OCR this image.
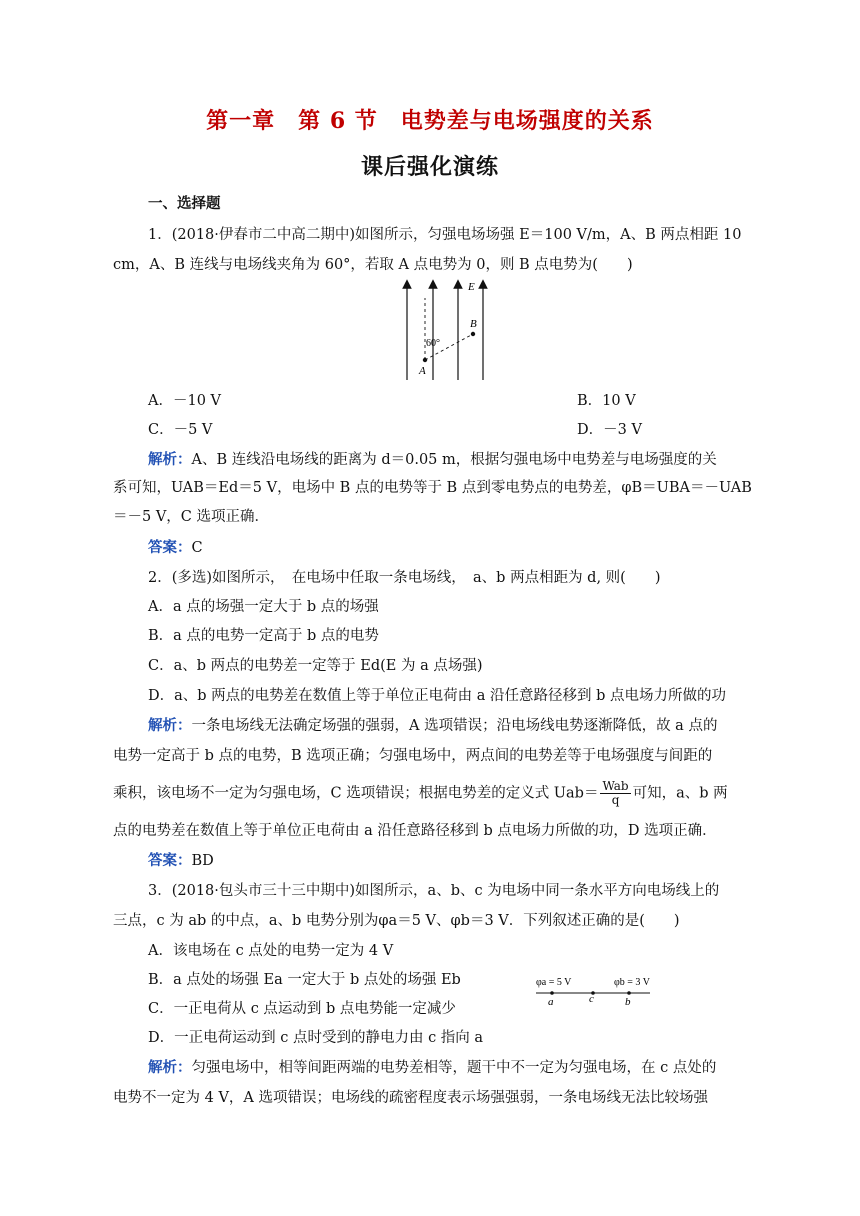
第一章　第 6 节　电势差与电场强度的关系
课后强化演练
一、选择题
1．(2018·伊春市二中高二期中)如图所示，匀强电场场强 E＝100 V/m，A、B 两点相距 10
cm，A、B 连线与电场线夹角为 60°，若取 A 点电势为 0，则 B 点电势为(　　)
E
B
A
60°
A．－10 V	B．10 V
C．－5 V	D．－3 V
解析：A、B 连线沿电场线的距离为 d＝0.05 m，根据匀强电场中电势差与电场强度的关
系可知，UAB＝Ed＝5 V，电场中 B 点的电势等于 B 点到零电势点的电势差，φB＝UBA＝－UAB
＝－5 V，C 选项正确．
答案：C
2．(多选)如图所示，　在电场中任取一条电场线，　a、b 两点相距为 d, 则(　　)
A．a 点的场强一定大于 b 点的场强
B．a 点的电势一定高于 b 点的电势
C．a、b 两点的电势差一定等于 Ed(E 为 a 点场强)
D．a、b 两点的电势差在数值上等于单位正电荷由 a 沿任意路径移到 b 点电场力所做的功
解析：一条电场线无法确定场强的强弱，A 选项错误；沿电场线电势逐渐降低，故 a 点的
电势一定高于 b 点的电势，B 选项正确；匀强电场中，两点间的电势差等于电场强度与间距的
乘积，该电场不一定为匀强电场，C 选项错误；根据电势差的定义式 $Uab= \frac{\text{Wab}}{q}$ 可知，a、b 两
点的电势差在数值上等于单位正电荷由 a 沿任意路径移到 b 点电场力所做的功，D 选项正确．
答案：BD
3．(2018·包头市三十三中期中)如图所示，a、b、c 为电场中同一条水平方向电场线上的
三点，c 为 ab 的中点，a、b 电势分别为φa＝5 V、φb＝3 V．下列叙述正确的是(　　)
A．该电场在 c 点处的电势一定为 4 V
B．a 点处的场强 Ea 一定大于 b 点处的场强 Eb
C．一正电荷从 c 点运动到 b 点电势能一定减少
D．一正电荷运动到 c 点时受到的静电力由 c 指向 a
φa = 5 V	φb = 3 V
a	c	b
解析：匀强电场中，相等间距两端的电势差相等，题干中不一定为匀强电场，在 c 点处的
电势不一定为 4 V，A 选项错误；电场线的疏密程度表示场强强弱，一条电场线无法比较场强
